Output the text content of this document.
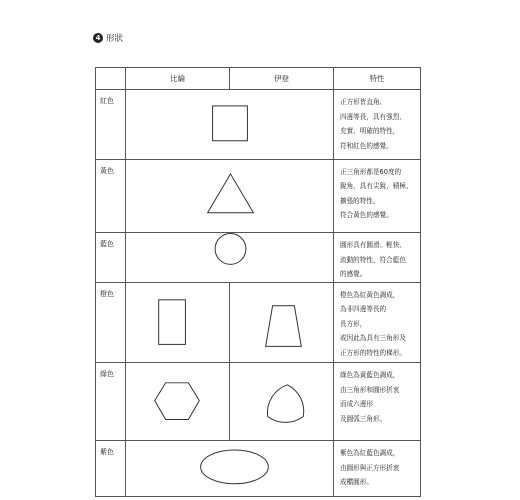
4 形狀
	比綸	伊登	特性
紅色			正方形皆直角、
四邊等長，具有強烈、
充實、明確的特性，
符和紅色的感覺。
黃色			正三角形都是60度的
銳角，具有尖銳、積極、
擴張的特性，
符合黃色的感覺。
藍色			圓形具有圓滑、輕快、
流動的特性，符合藍色
的感覺。
橙色			橙色為紅黃色調成，
為非四邊等長的
長方形，
或因此為具有三角形及
正方形的特性的梯形。
綠色			綠色為黃藍色調成，
由三角形和圓形折衷
而成六邊形
及圓弧三角形。
紫色			紫色為紅藍色調成，
由圓形與正方形折衷
成橢圓形。
